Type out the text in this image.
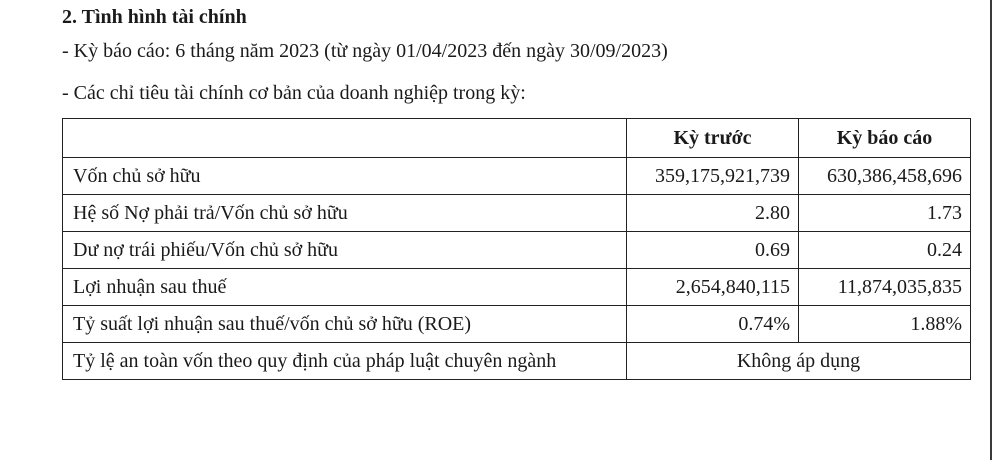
2. Tình hình tài chính
- Kỳ báo cáo: 6 tháng năm 2023 (từ ngày 01/04/2023 đến ngày 30/09/2023)
- Các chỉ tiêu tài chính cơ bản của doanh nghiệp trong kỳ:
	Kỳ trước	Kỳ báo cáo
Vốn chủ sở hữu	359,175,921,739	630,386,458,696
Hệ số Nợ phải trả/Vốn chủ sở hữu	2.80	1.73
Dư nợ trái phiếu/Vốn chủ sở hữu	0.69	0.24
Lợi nhuận sau thuế	2,654,840,115	11,874,035,835
Tỷ suất lợi nhuận sau thuế/vốn chủ sở hữu (ROE)	0.74%	1.88%
Tỷ lệ an toàn vốn theo quy định của pháp luật chuyên ngành	Không áp dụng	
